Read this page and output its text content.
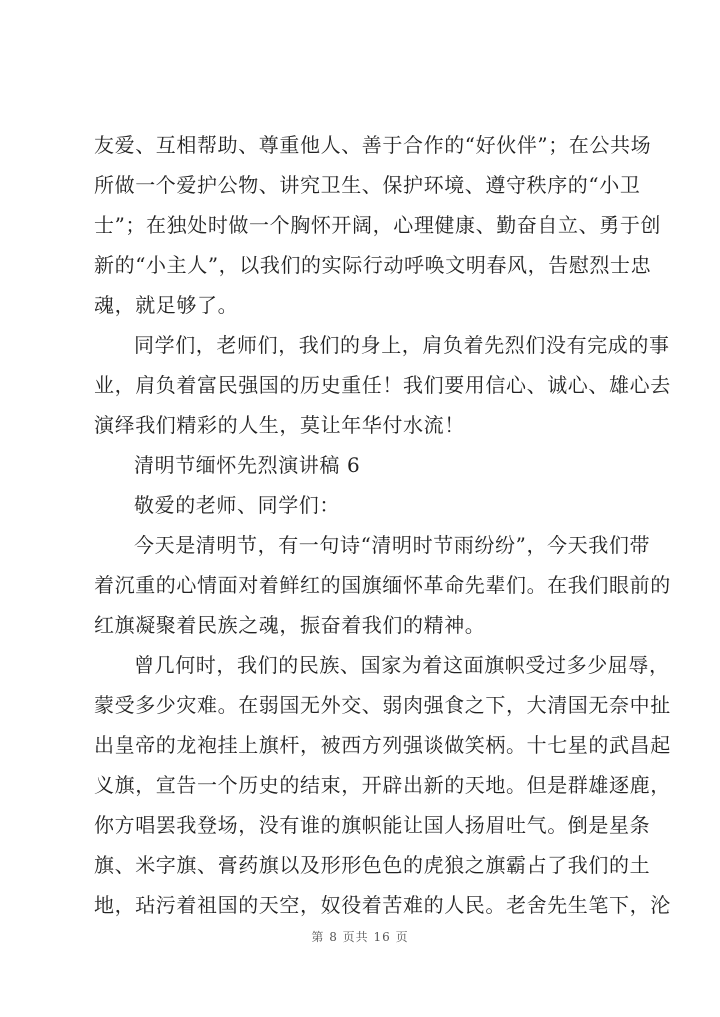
友爱、互相帮助、尊重他人、善于合作的“好伙伴”；在公共场
所做一个爱护公物、讲究卫生、保护环境、遵守秩序的“小卫
士”；在独处时做一个胸怀开阔，心理健康、勤奋自立、勇于创
新的“小主人”，以我们的实际行动呼唤文明春风，告慰烈士忠
魂，就足够了。
同学们，老师们，我们的身上，肩负着先烈们没有完成的事
业，肩负着富民强国的历史重任！我们要用信心、诚心、雄心去
演绎我们精彩的人生，莫让年华付水流！
清明节缅怀先烈演讲稿 6
敬爱的老师、同学们：
今天是清明节，有一句诗“清明时节雨纷纷”，今天我们带
着沉重的心情面对着鲜红的国旗缅怀革命先辈们。在我们眼前的
红旗凝聚着民族之魂，振奋着我们的精神。
曾几何时，我们的民族、国家为着这面旗帜受过多少屈辱，
蒙受多少灾难。在弱国无外交、弱肉强食之下，大清国无奈中扯
出皇帝的龙袍挂上旗杆，被西方列强谈做笑柄。十七星的武昌起
义旗，宣告一个历史的结束，开辟出新的天地。但是群雄逐鹿，
你方唱罢我登场，没有谁的旗帜能让国人扬眉吐气。倒是星条
旗、米字旗、膏药旗以及形形色色的虎狼之旗霸占了我们的土
地，玷污着祖国的天空，奴役着苦难的人民。老舍先生笔下，沦
第 8 页共 16 页
